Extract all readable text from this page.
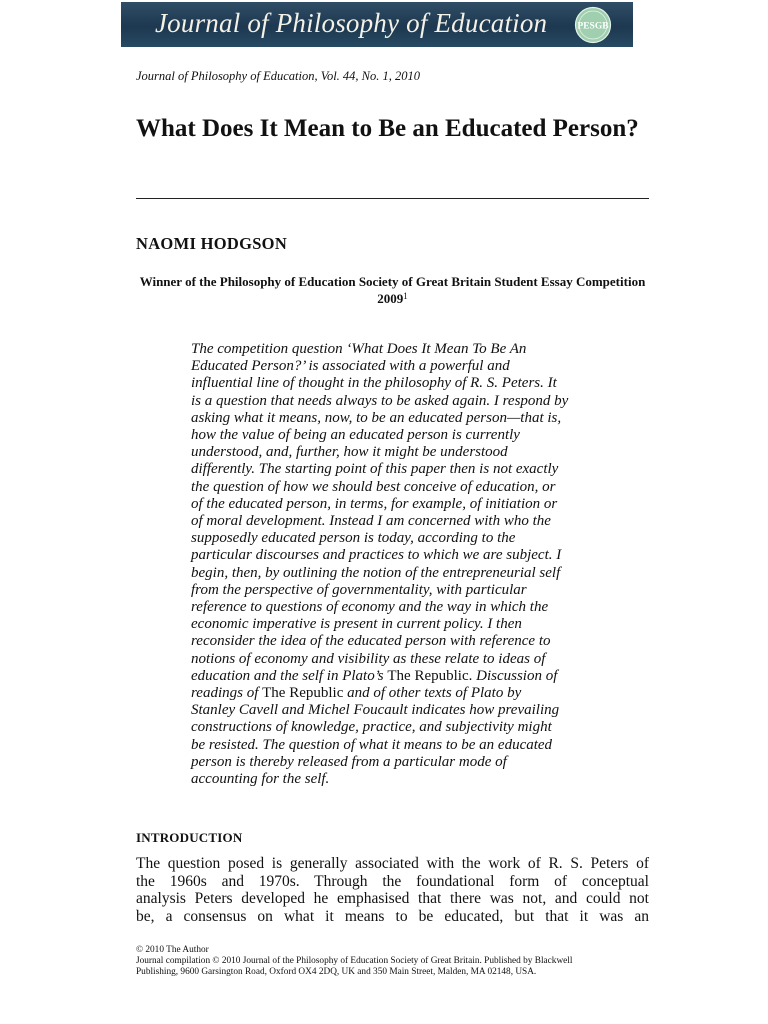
Journal of Philosophy of Education	PESGB
Journal of Philosophy of Education, Vol. 44, No. 1, 2010
What Does It Mean to Be an Educated Person?
NAOMI HODGSON
Winner of the Philosophy of Education Society of Great Britain Student Essay Competition 2009$^1$
The competition question ‘What Does It Mean To Be An
Educated Person?’ is associated with a powerful and
influential line of thought in the philosophy of R. S. Peters. It
is a question that needs always to be asked again. I respond by
asking what it means, now, to be an educated person—that is,
how the value of being an educated person is currently
understood, and, further, how it might be understood
differently. The starting point of this paper then is not exactly
the question of how we should best conceive of education, or
of the educated person, in terms, for example, of initiation or
of moral development. Instead I am concerned with who the
supposedly educated person is today, according to the
particular discourses and practices to which we are subject. I
begin, then, by outlining the notion of the entrepreneurial self
from the perspective of governmentality, with particular
reference to questions of economy and the way in which the
economic imperative is present in current policy. I then
reconsider the idea of the educated person with reference to
notions of economy and visibility as these relate to ideas of
education and the self in Plato’s The Republic. Discussion of
readings of The Republic and of other texts of Plato by
Stanley Cavell and Michel Foucault indicates how prevailing
constructions of knowledge, practice, and subjectivity might
be resisted. The question of what it means to be an educated
person is thereby released from a particular mode of
accounting for the self.
INTRODUCTION
The question posed is generally associated with the work of R. S. Peters of
the 1960s and 1970s. Through the foundational form of conceptual
analysis Peters developed he emphasised that there was not, and could not
be, a consensus on what it means to be educated, but that it was an
© 2010 The Author
Journal compilation © 2010 Journal of the Philosophy of Education Society of Great Britain. Published by Blackwell
Publishing, 9600 Garsington Road, Oxford OX4 2DQ, UK and 350 Main Street, Malden, MA 02148, USA.
